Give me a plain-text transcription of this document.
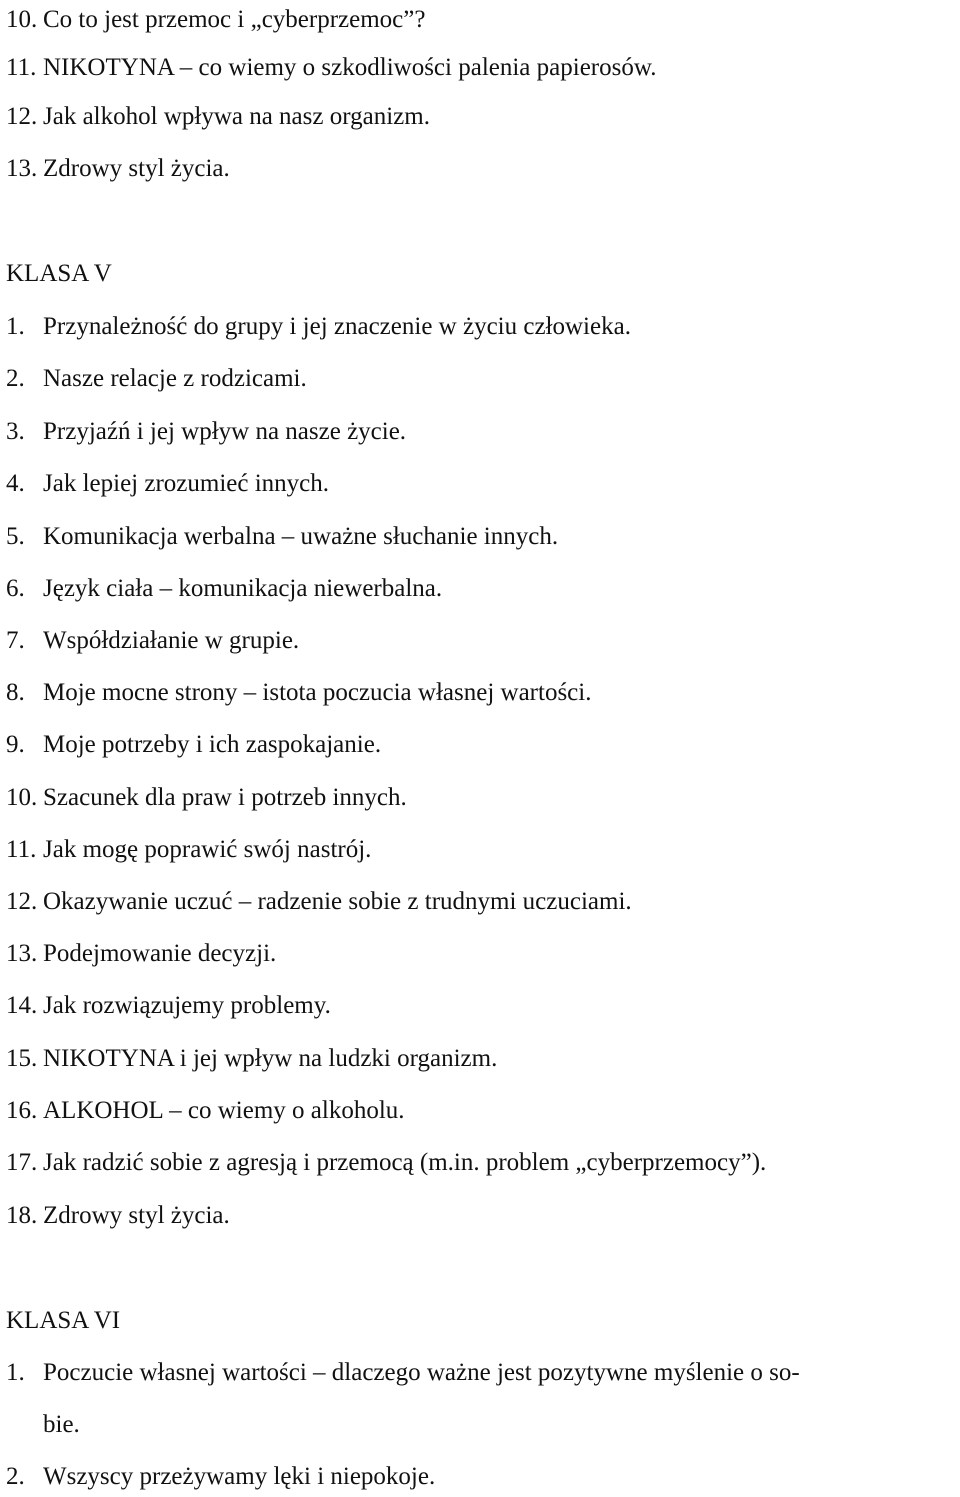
10. Co to jest przemoc i „cyberprzemoc”?
11. NIKOTYNA – co wiemy o szkodliwości palenia papierosów.
12. Jak alkohol wpływa na nasz organizm.
13. Zdrowy styl życia.
KLASA V
1. Przynależność do grupy i jej znaczenie w życiu człowieka.
2. Nasze relacje z rodzicami.
3. Przyjaźń i jej wpływ na nasze życie.
4. Jak lepiej zrozumieć innych.
5. Komunikacja werbalna – uważne słuchanie innych.
6. Język ciała – komunikacja niewerbalna.
7. Współdziałanie w grupie.
8. Moje mocne strony – istota poczucia własnej wartości.
9. Moje potrzeby i ich zaspokajanie.
10. Szacunek dla praw i potrzeb innych.
11. Jak mogę poprawić swój nastrój.
12. Okazywanie uczuć – radzenie sobie z trudnymi uczuciami.
13. Podejmowanie decyzji.
14. Jak rozwiązujemy problemy.
15. NIKOTYNA i jej wpływ na ludzki organizm.
16. ALKOHOL – co wiemy o alkoholu.
17. Jak radzić sobie z agresją i przemocą (m.in. problem „cyberprzemocy”).
18. Zdrowy styl życia.
KLASA VI
1. Poczucie własnej wartości – dlaczego ważne jest pozytywne myślenie o so-
bie.
2. Wszyscy przeżywamy lęki i niepokoje.
